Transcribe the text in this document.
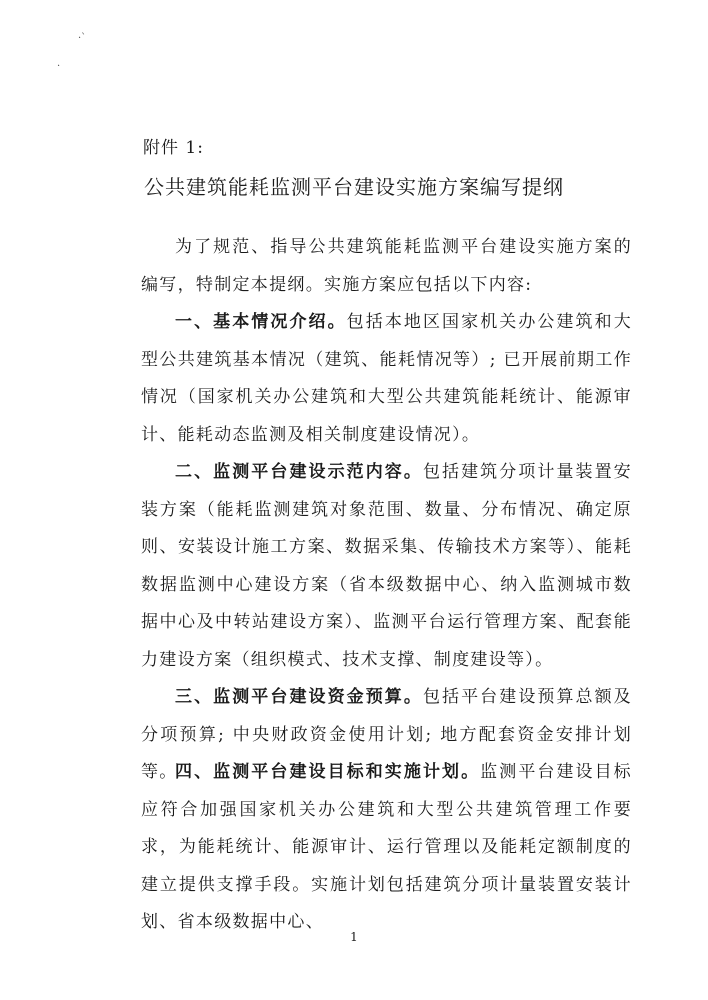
·ˋ
·
附件 1:
公共建筑能耗监测平台建设实施方案编写提纲

为了规范、指导公共建筑能耗监测平台建设实施方案的编写，特制定本提纲。实施方案应包括以下内容:

一、基本情况介绍。包括本地区国家机关办公建筑和大型公共建筑基本情况（建筑、能耗情况等）; 已开展前期工作情况（国家机关办公建筑和大型公共建筑能耗统计、能源审计、能耗动态监测及相关制度建设情况）。

二、监测平台建设示范内容。包括建筑分项计量装置安装方案（能耗监测建筑对象范围、数量、分布情况、确定原则、安装设计施工方案、数据采集、传输技术方案等）、能耗数据监测中心建设方案（省本级数据中心、纳入监测城市数据中心及中转站建设方案）、监测平台运行管理方案、配套能力建设方案（组织模式、技术支撑、制度建设等）。

三、监测平台建设资金预算。包括平台建设预算总额及分项预算; 中央财政资金使用计划; 地方配套资金安排计划等。

四、监测平台建设目标和实施计划。监测平台建设目标应符合加强国家机关办公建筑和大型公共建筑管理工作要求，为能耗统计、能源审计、运行管理以及能耗定额制度的建立提供支撑手段。实施计划包括建筑分项计量装置安装计划、省本级数据中心、

1
